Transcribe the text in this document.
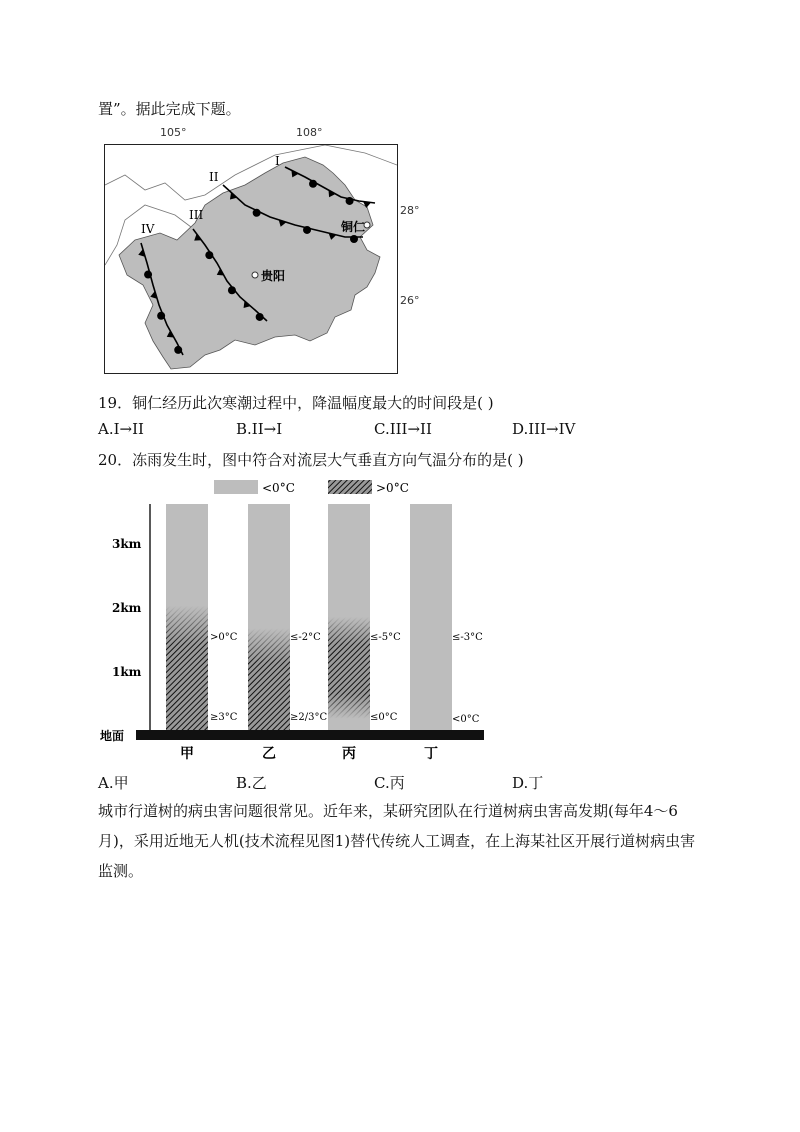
置”。据此完成下题。
105°	108°
28°
26°
I
II
III
IV	铜仁
贵阳
19．铜仁经历此次寒潮过程中，降温幅度最大的时间段是( )
A.I→II	B.II→I	C.III→II	D.III→IV
20．冻雨发生时，图中符合对流层大气垂直方向气温分布的是( )
<0°C	>0°C
3km
2km
1km
>0°C
≥3°C
≤-2°C
≥2/3°C
≤-5°C
≤0°C
≤-3°C
<0°C
地面
甲	乙	丙	丁
A.甲	B.乙	C.丙	D.丁
城市行道树的病虫害问题很常见。近年来，某研究团队在行道树病虫害高发期(每年4～6月)，采用近地无人机(技术流程见图1)替代传统人工调查，在上海某社区开展行道树病虫害监测。
